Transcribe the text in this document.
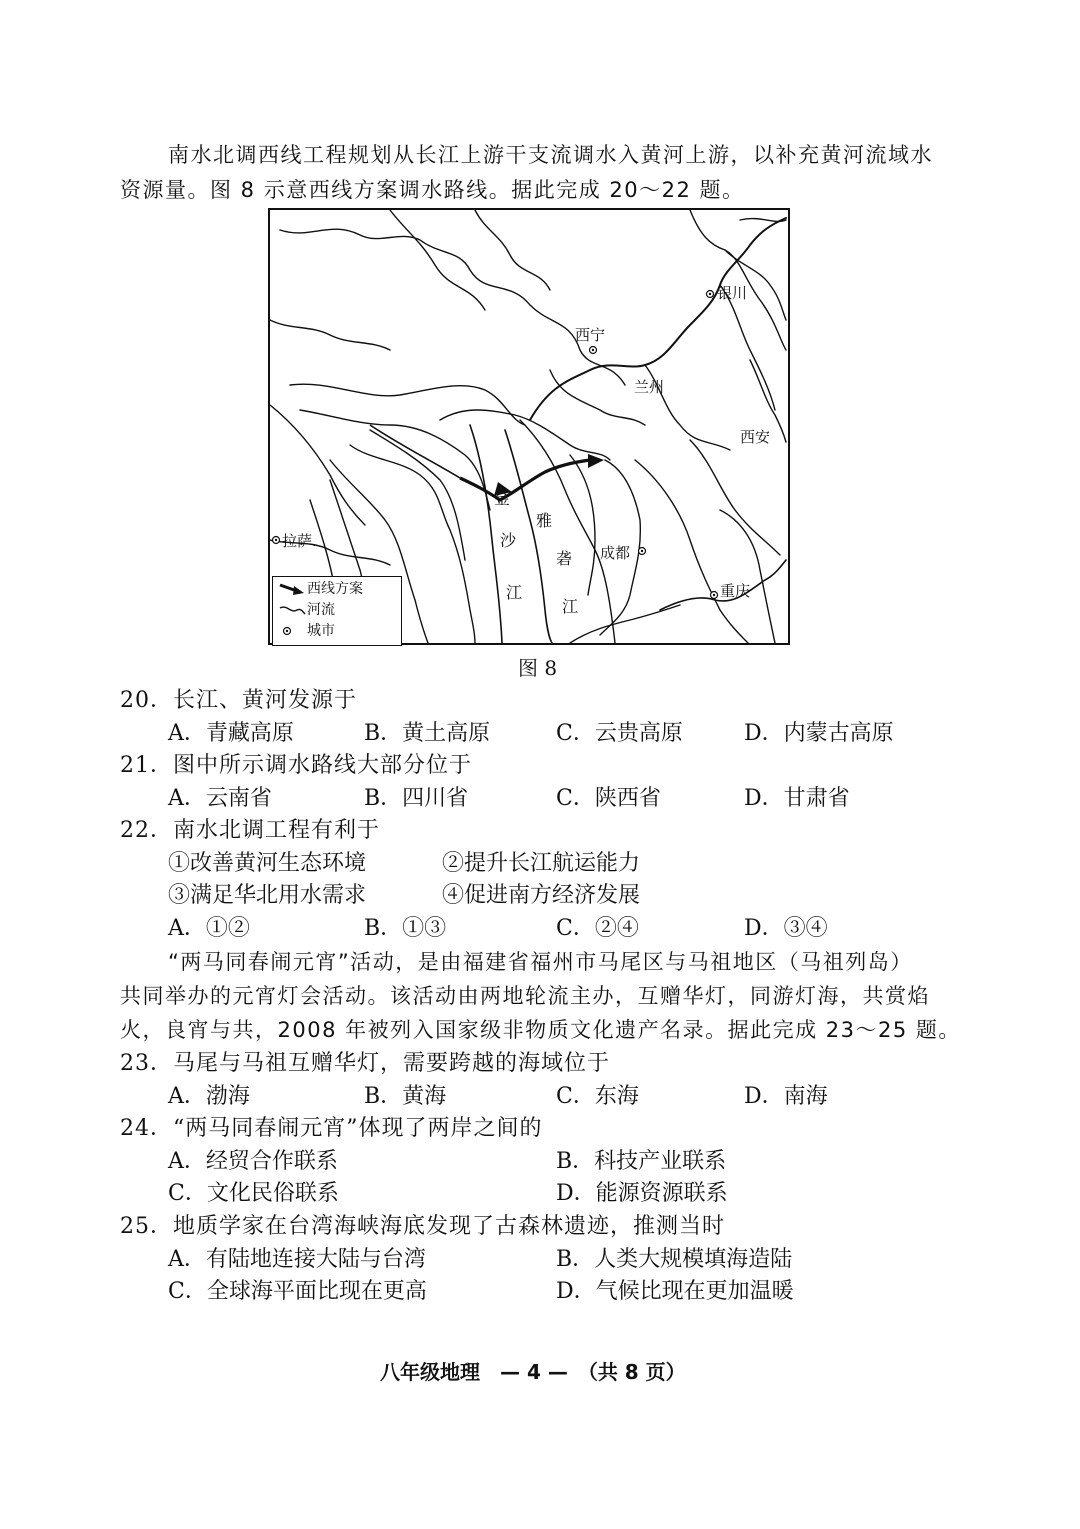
南水北调西线工程规划从长江上游干支流调水入黄河上游，以补充黄河流域水
资源量。图 8 示意西线方案调水路线。据此完成 20～22 题。
银川
西宁
兰州
西安
拉萨.
成都
重庆
金
沙
江
雅
砻
江
西线方案
河流
城市
图 8
20．长江、黄河发源于
A．青藏高原	B．黄土高原	C．云贵高原	D．内蒙古高原
21．图中所示调水路线大部分位于
A．云南省	B．四川省	C．陕西省	D．甘肃省
22．南水北调工程有利于
①改善黄河生态环境	②提升长江航运能力
③满足华北用水需求	④促进南方经济发展
A．①②	B．①③	C．②④	D．③④
“两马同春闹元宵”活动，是由福建省福州市马尾区与马祖地区（马祖列岛）
共同举办的元宵灯会活动。该活动由两地轮流主办，互赠华灯，同游灯海，共赏焰
火，良宵与共，2008 年被列入国家级非物质文化遗产名录。据此完成 23～25 题。
23．马尾与马祖互赠华灯，需要跨越的海域位于
A．渤海	B．黄海	C．东海	D．南海
24．“两马同春闹元宵”体现了两岸之间的
A．经贸合作联系	B．科技产业联系
C．文化民俗联系	D．能源资源联系
25．地质学家在台湾海峡海底发现了古森林遗迹，推测当时
A．有陆地连接大陆与台湾	B．人类大规模填海造陆
C．全球海平面比现在更高	D．气候比现在更加温暖
八年级地理　— 4 —　（共 8 页）
